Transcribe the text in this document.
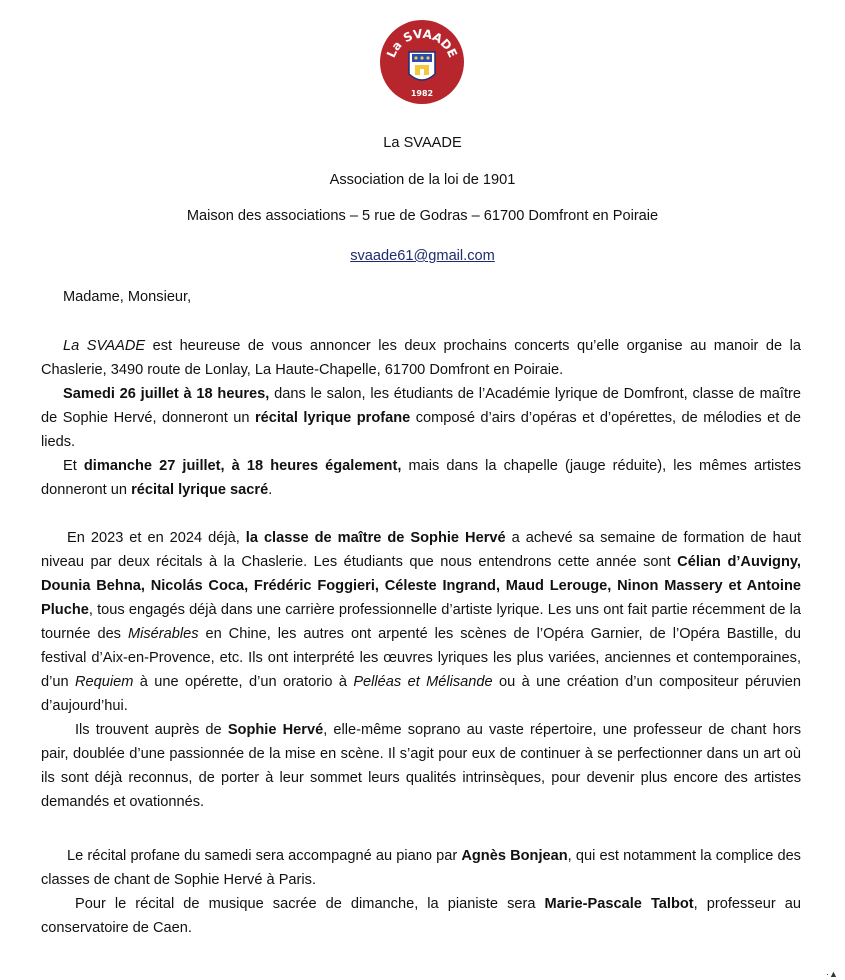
La SVAADE
1982
La SVAADE
Association de la loi de 1901
Maison des associations – 5 rue de Godras – 61700 Domfront en Poiraie
svaade61@gmail.com
Madame, Monsieur,

La SVAADE est heureuse de vous annoncer les deux prochains concerts qu’elle organise au manoir de la Chaslerie, 3490 route de Lonlay, La Haute-Chapelle, 61700 Domfront en Poiraie.

Samedi 26 juillet à 18 heures, dans le salon, les étudiants de l’Académie lyrique de Domfront, classe de maître de Sophie Hervé, donneront un récital lyrique profane composé d’airs d’opéras et d’opérettes, de mélodies et de lieds.

Et dimanche 27 juillet, à 18 heures également, mais dans la chapelle (jauge réduite), les mêmes artistes donneront un récital lyrique sacré.

En 2023 et en 2024 déjà, la classe de maître de Sophie Hervé a achevé sa semaine de formation de haut niveau par deux récitals à la Chaslerie. Les étudiants que nous entendrons cette année sont Célian d’Auvigny, Dounia Behna, Nicolás Coca, Frédéric Foggieri, Céleste Ingrand, Maud Lerouge, Ninon Massery et Antoine Pluche, tous engagés déjà dans une carrière professionnelle d’artiste lyrique. Les uns ont fait partie récemment de la tournée des Misérables en Chine, les autres ont arpenté les scènes de l’Opéra Garnier, de l’Opéra Bastille, du festival d’Aix-en-Provence, etc. Ils ont interprété les œuvres lyriques les plus variées, anciennes et contemporaines, d’un Requiem à une opérette, d’un oratorio à Pelléas et Mélisande ou à une création d’un compositeur péruvien d’aujourd’hui.

Ils trouvent auprès de Sophie Hervé, elle-même soprano au vaste répertoire, une professeur de chant hors pair, doublée d’une passionnée de la mise en scène. Il s’agit pour eux de continuer à se perfectionner dans un art où ils sont déjà reconnus, de porter à leur sommet leurs qualités intrinsèques, pour devenir plus encore des artistes demandés et ovationnés.

Le récital profane du samedi sera accompagné au piano par Agnès Bonjean, qui est notamment la complice des classes de chant de Sophie Hervé à Paris.

Pour le récital de musique sacrée de dimanche, la pianiste sera Marie-Pascale Talbot, professeur au conservatoire de Caen.

·▲
